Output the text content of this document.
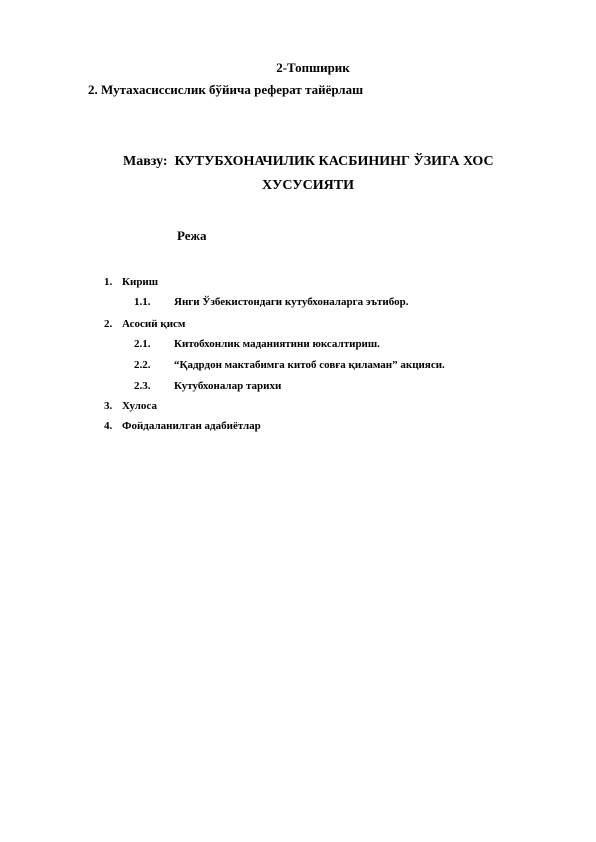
2-Топширик
2. Мутахасиссислик бўйича реферат тайёрлаш
Мавзу: КУТУБХОНАЧИЛИК КАСБИНИНГ ЎЗИГА ХОС
ХУСУСИЯТИ
Режа
1. Кириш
1.1. Янги Ўзбекистондаги кутубхоналарга эътибор.
2. Асосий қисм
2.1. Китобхонлик маданиятини юксалтириш.
2.2. “Қадрдон мактабимга китоб совға қиламан” акцияси.
2.3. Кутубхоналар тарихи
3. Хулоса
4. Фойдаланилган адабиётлар
